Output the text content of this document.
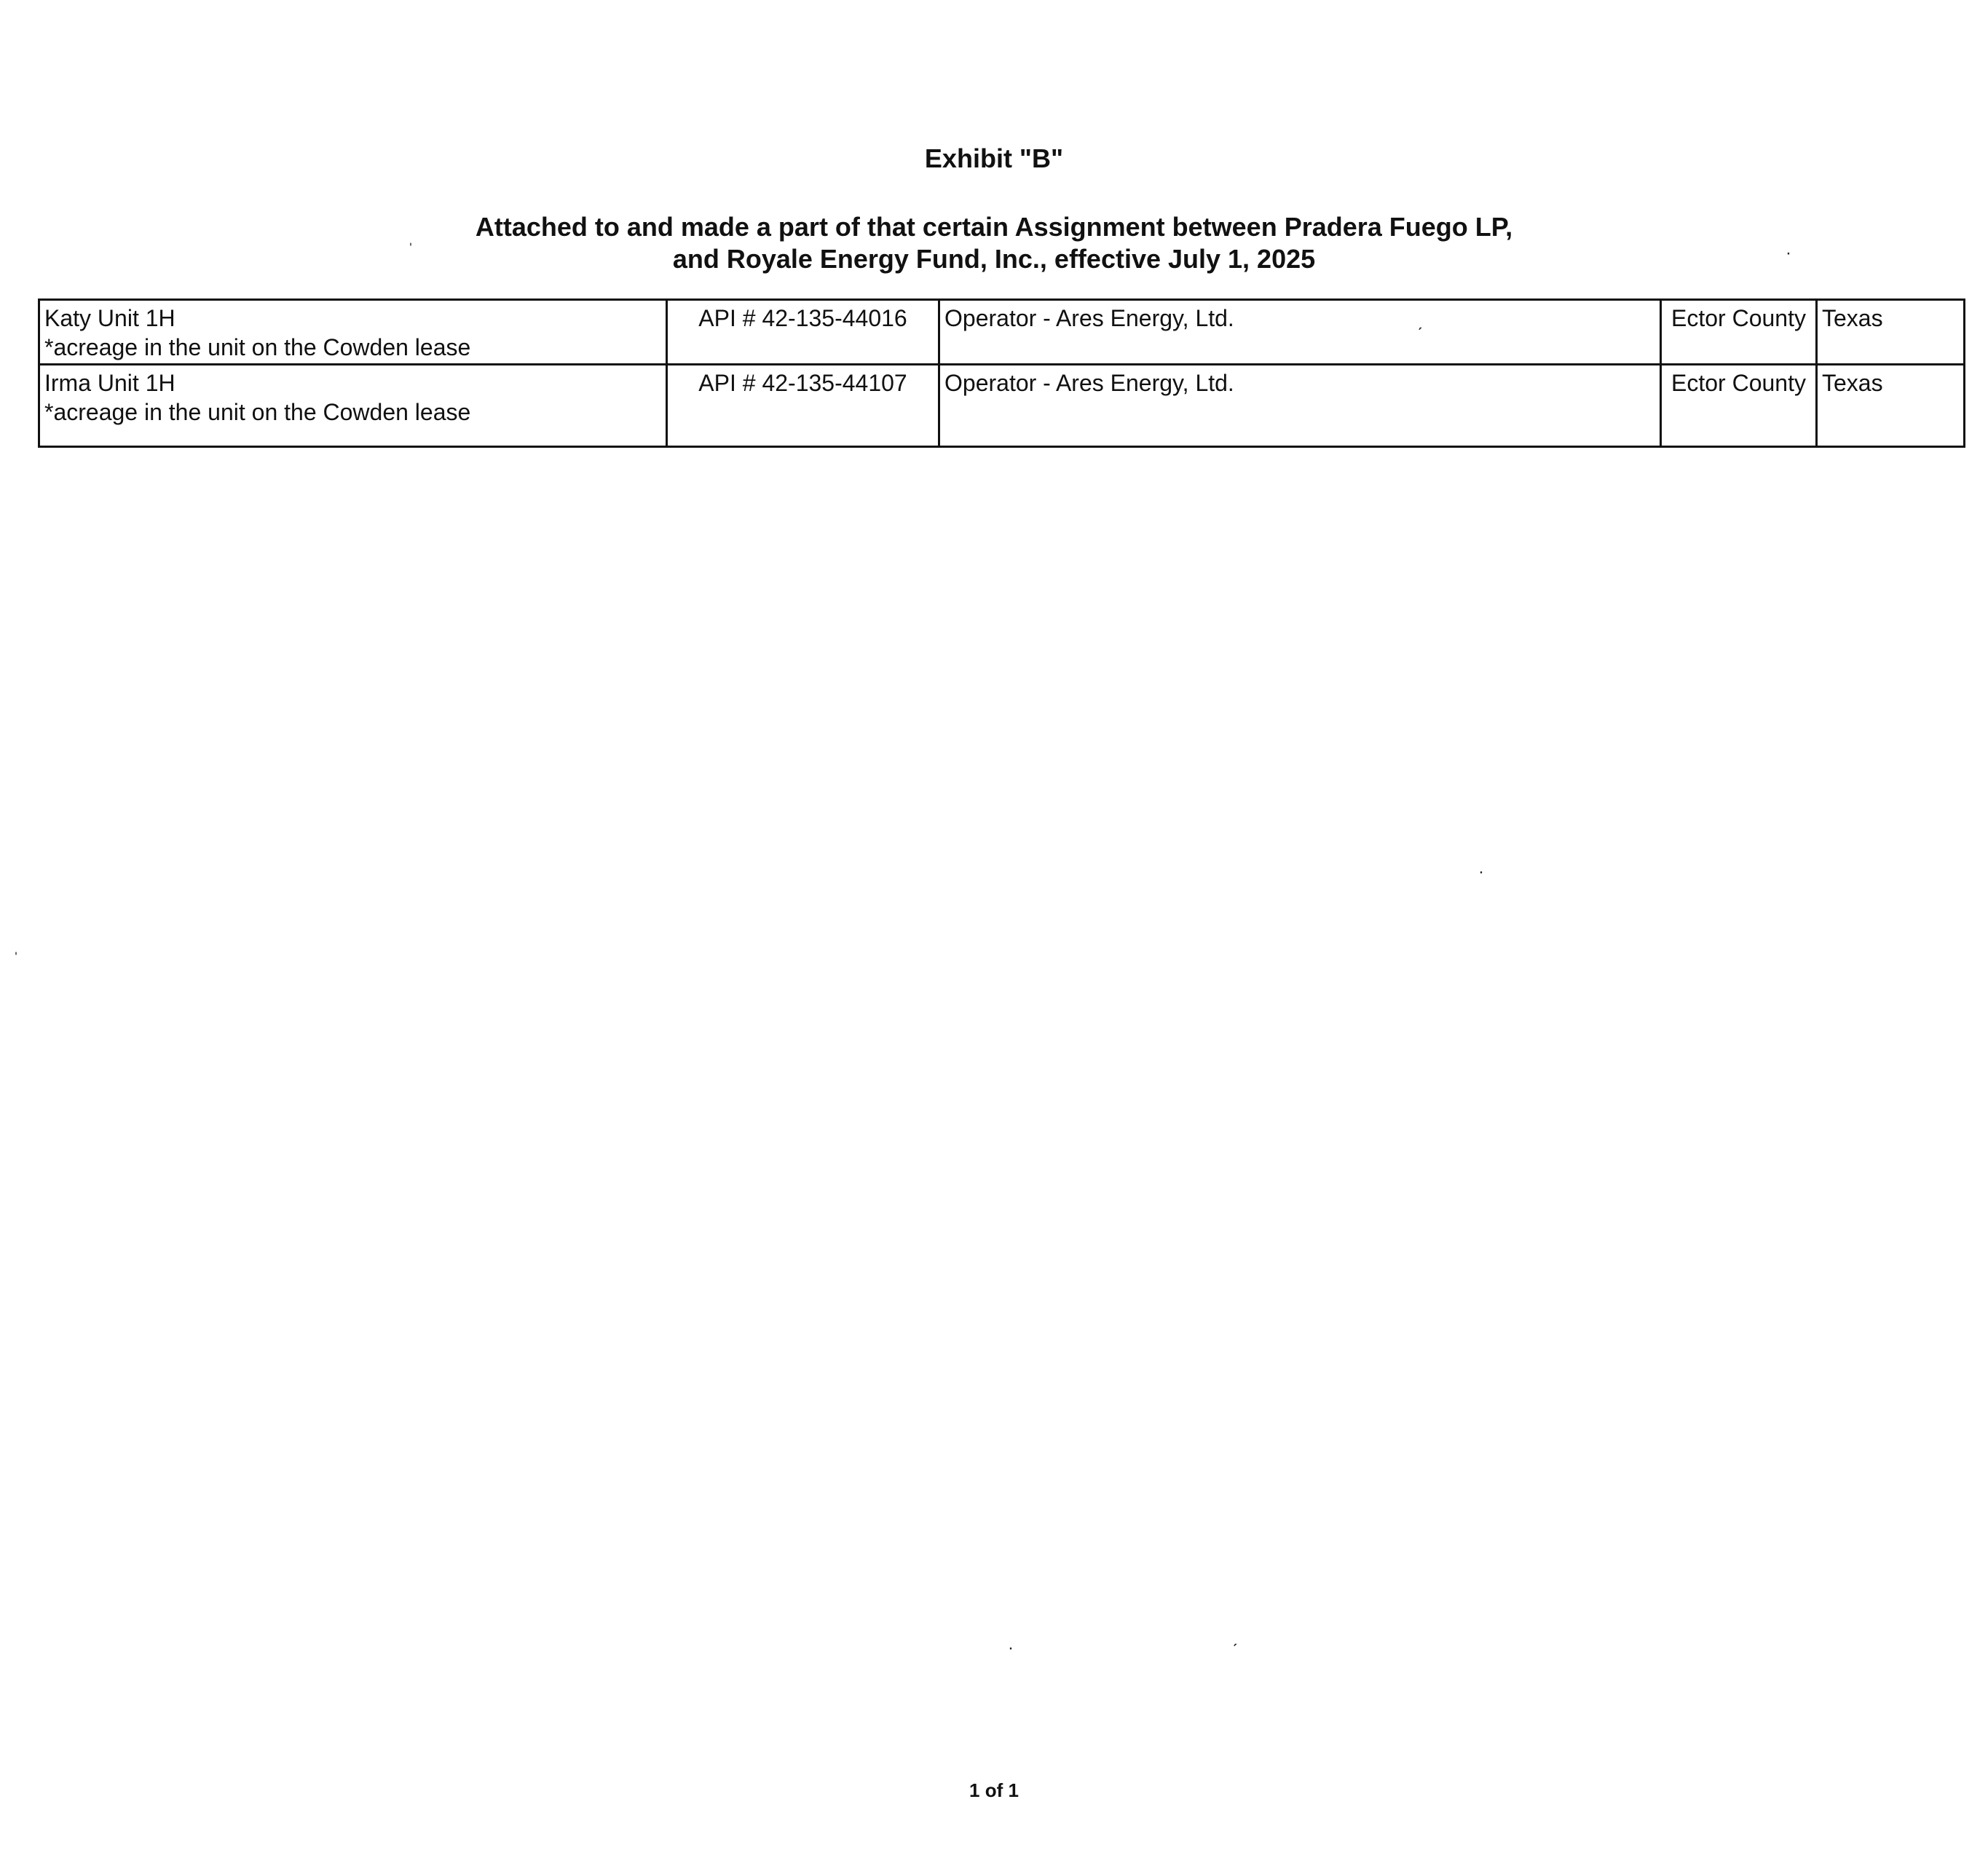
Exhibit "B"
Attached to and made a part of that certain Assignment between Pradera Fuego LP,
and Royale Energy Fund, Inc., effective July 1, 2025
Katy Unit 1H
*acreage in the unit on the Cowden lease	API # 42-135-44016	Operator - Ares Energy, Ltd.	Ector County	Texas

Irma Unit 1H
*acreage in the unit on the Cowden lease	API # 42-135-44107	Operator - Ares Energy, Ltd.	Ector County	Texas
ˈ	·
ˊ
·
ˈ
·	ˊ
1 of 1
